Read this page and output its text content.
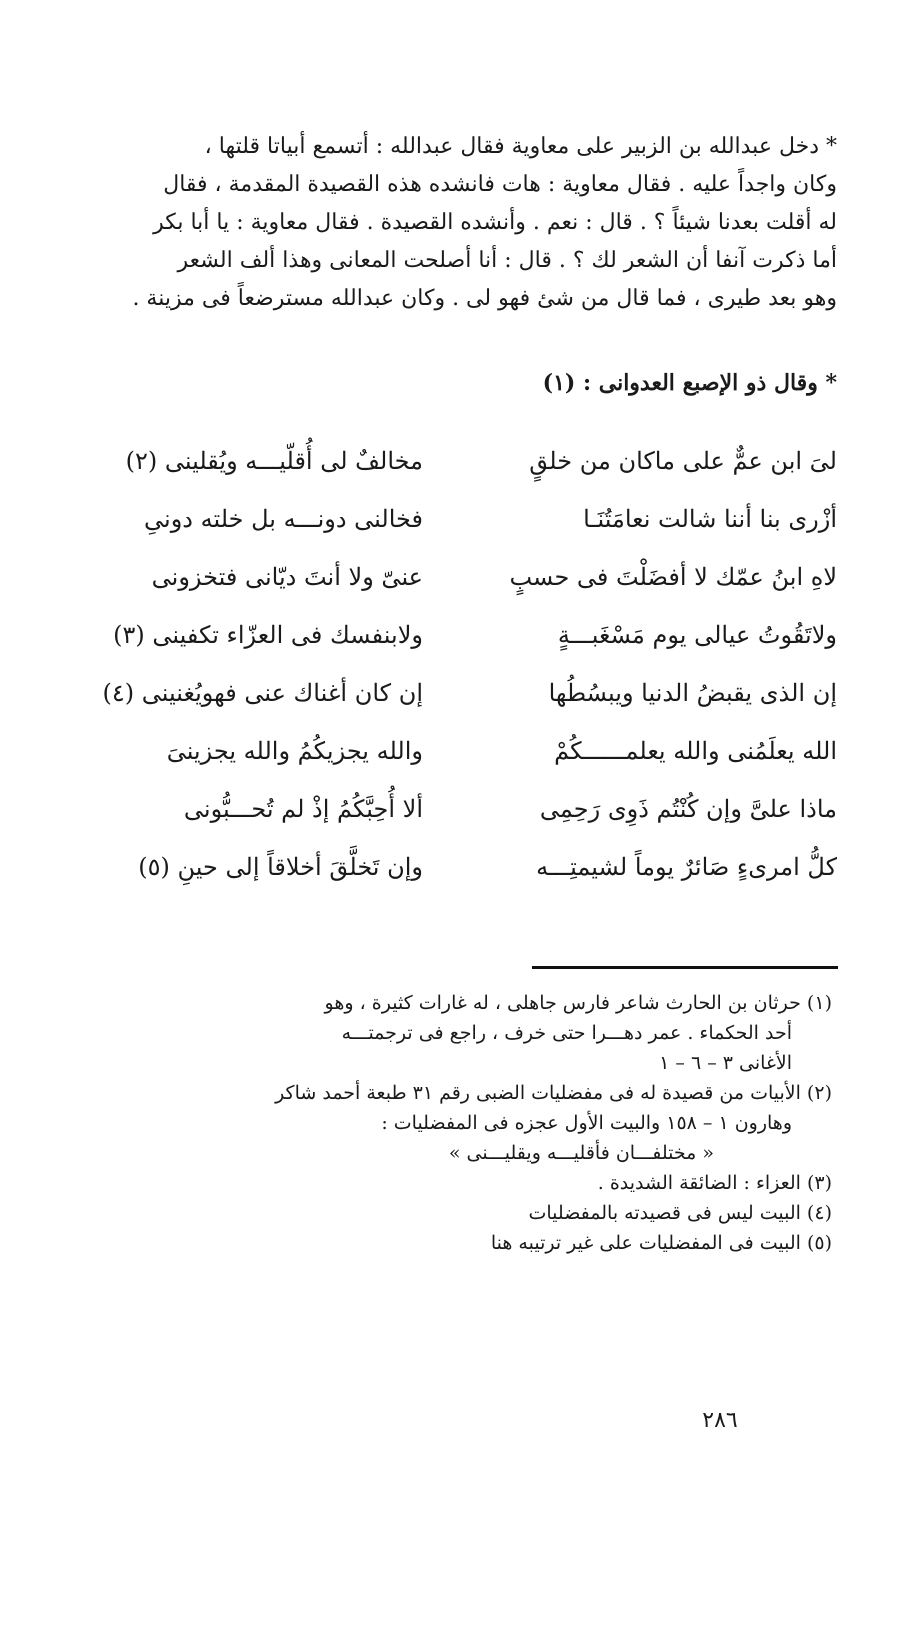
* دخل عبدالله بن الزبير على معاوية فقال عبدالله : أتسمع أبياتا قلتها ،
وكان واجداً عليه . فقال معاوية : هات فانشده هذه القصيدة المقدمة ، فقال
له أقلت بعدنا شيئاً ؟ . قال : نعم . وأنشده القصيدة . فقال معاوية : يا أبا بكر
أما ذكرت آنفا أن الشعر لك ؟ . قال : أنا أصلحت المعانى وهذا ألف الشعر
وهو بعد طيرى ، فما قال من شئ فهو لى . وكان عبدالله مسترضعاً فى مزينة .
* وقال ذو الإصبع العدوانى : (١)
لىَ ابن عمٌّ على ماكان من خلقٍ
مخالفٌ لى أُقلّيـــه ويُقلينى (٢)
أزْرى بنا أننا شالت نعامَتُنَـا
فخالنى دونـــه بل خلته دونىِ
لاهِ ابنُ عمّك لا أفضَلْتَ فى حسبٍ
عنىّ ولا أنتَ ديّانى فتخزونى
ولاتَقُوتُ عيالى يوم مَسْغَبـــةٍ
ولابنفسك فى العزّاء تكفينى (٣)
إن الذى يقبضُ الدنيا ويبسُطُها
إن كان أغناك عنى فهويُغنينى (٤)
الله يعلَمُنى والله يعلمــــــكُمْ
والله يجزيكُمُ والله يجزينىَ
ماذا علىَّ وإن كُنْتُم ذَوِى رَحِمِى
ألا أُحِبَّكُمُ إذْ لم تُحـــبُّونى
كلُّ امرىءٍ صَائرٌ يوماً لشيمتِـــه
وإن تَخلَّقَ أخلاقاً إلى حينِ (٥)
(١) حرثان بن الحارث شاعر فارس جاهلى ، له غارات كثيرة ، وهو
أحد الحكماء . عمر دهـــرا حتى خرف ، راجع فى ترجمتـــه
الأغانى ٣ – ٦ – ١
(٢) الأبيات من قصيدة له فى مفضليات الضبى رقم ٣١ طبعة أحمد شاكر
وهارون ١ – ١٥٨ والبيت الأول عجزه فى المفضليات :
« مختلفـــان فأقليـــه ويقليـــنى »
(٣) العزاء : الضائقة الشديدة .
(٤) البيت ليس فى قصيدته بالمفضليات
(٥) البيت فى المفضليات على غير ترتيبه هنا
٢٨٦
